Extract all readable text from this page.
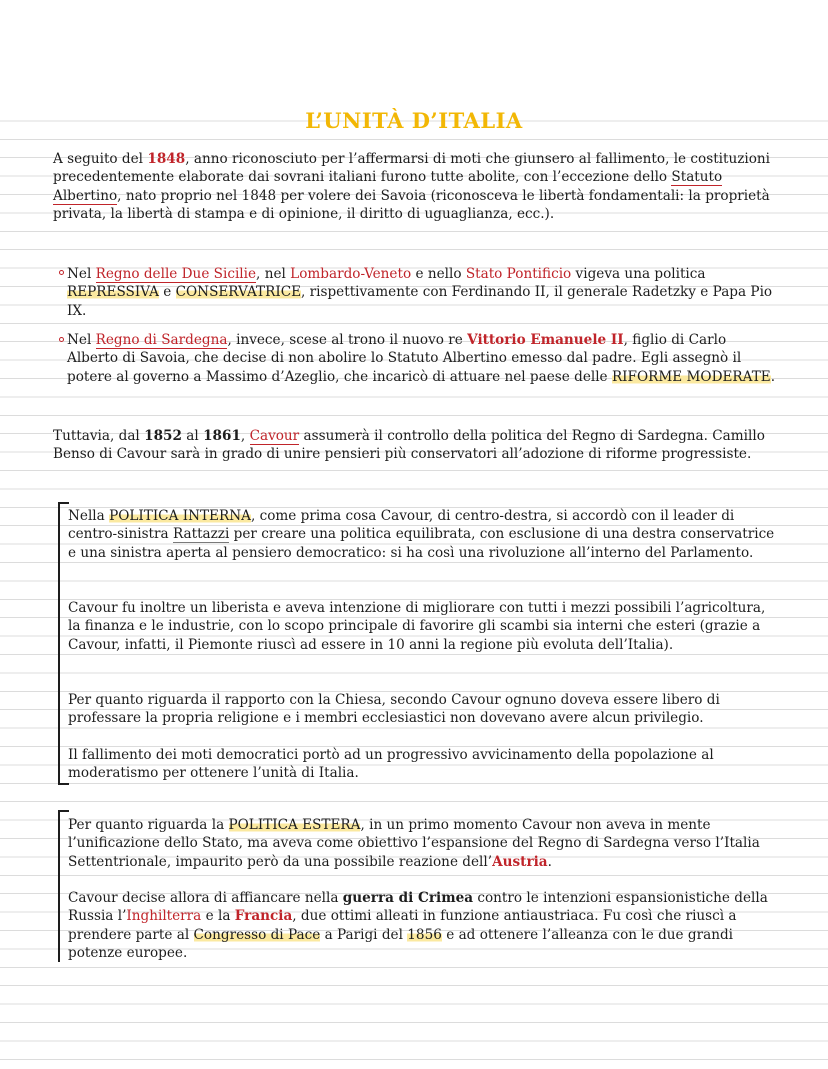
L’UNITÀ D’ITALIA

A seguito del 1848, anno riconosciuto per l’affermarsi di moti che giunsero al fallimento, le costituzioni precedentemente elaborate dai sovrani italiani furono tutte abolite, con l’eccezione dello Statuto Albertino, nato proprio nel 1848 per volere dei Savoia (riconosceva le libertà fondamentali: la proprietà privata, la libertà di stampa e di opinione, il diritto di uguaglianza, ecc.).

Nel Regno delle Due Sicilie, nel Lombardo-Veneto e nello Stato Pontificio vigeva una politica REPRESSIVA e CONSERVATRICE, rispettivamente con Ferdinando II, il generale Radetzky e Papa Pio IX.

Nel Regno di Sardegna, invece, scese al trono il nuovo re Vittorio Emanuele II, figlio di Carlo Alberto di Savoia, che decise di non abolire lo Statuto Albertino emesso dal padre. Egli assegnò il potere al governo a Massimo d’Azeglio, che incaricò di attuare nel paese delle RIFORME MODERATE.

Tuttavia, dal 1852 al 1861, Cavour assumerà il controllo della politica del Regno di Sardegna. Camillo Benso di Cavour sarà in grado di unire pensieri più conservatori all’adozione di riforme progressiste.

Nella POLITICA INTERNA, come prima cosa Cavour, di centro-destra, si accordò con il leader di centro-sinistra Rattazzi per creare una politica equilibrata, con esclusione di una destra conservatrice e una sinistra aperta al pensiero democratico: si ha così una rivoluzione all’interno del Parlamento.

Cavour fu inoltre un liberista e aveva intenzione di migliorare con tutti i mezzi possibili l’agricoltura, la finanza e le industrie, con lo scopo principale di favorire gli scambi sia interni che esteri (grazie a Cavour, infatti, il Piemonte riuscì ad essere in 10 anni la regione più evoluta dell’Italia).

Per quanto riguarda il rapporto con la Chiesa, secondo Cavour ognuno doveva essere libero di professare la propria religione e i membri ecclesiastici non dovevano avere alcun privilegio.

Il fallimento dei moti democratici portò ad un progressivo avvicinamento della popolazione al moderatismo per ottenere l’unità di Italia.

Per quanto riguarda la POLITICA ESTERA, in un primo momento Cavour non aveva in mente l’unificazione dello Stato, ma aveva come obiettivo l’espansione del Regno di Sardegna verso l’Italia Settentrionale, impaurito però da una possibile reazione dell’Austria.

Cavour decise allora di affiancare nella guerra di Crimea contro le intenzioni espansionistiche della Russia l’Inghilterra e la Francia, due ottimi alleati in funzione antiaustriaca. Fu così che riuscì a prendere parte al Congresso di Pace a Parigi del 1856 e ad ottenere l’alleanza con le due grandi potenze europee.
